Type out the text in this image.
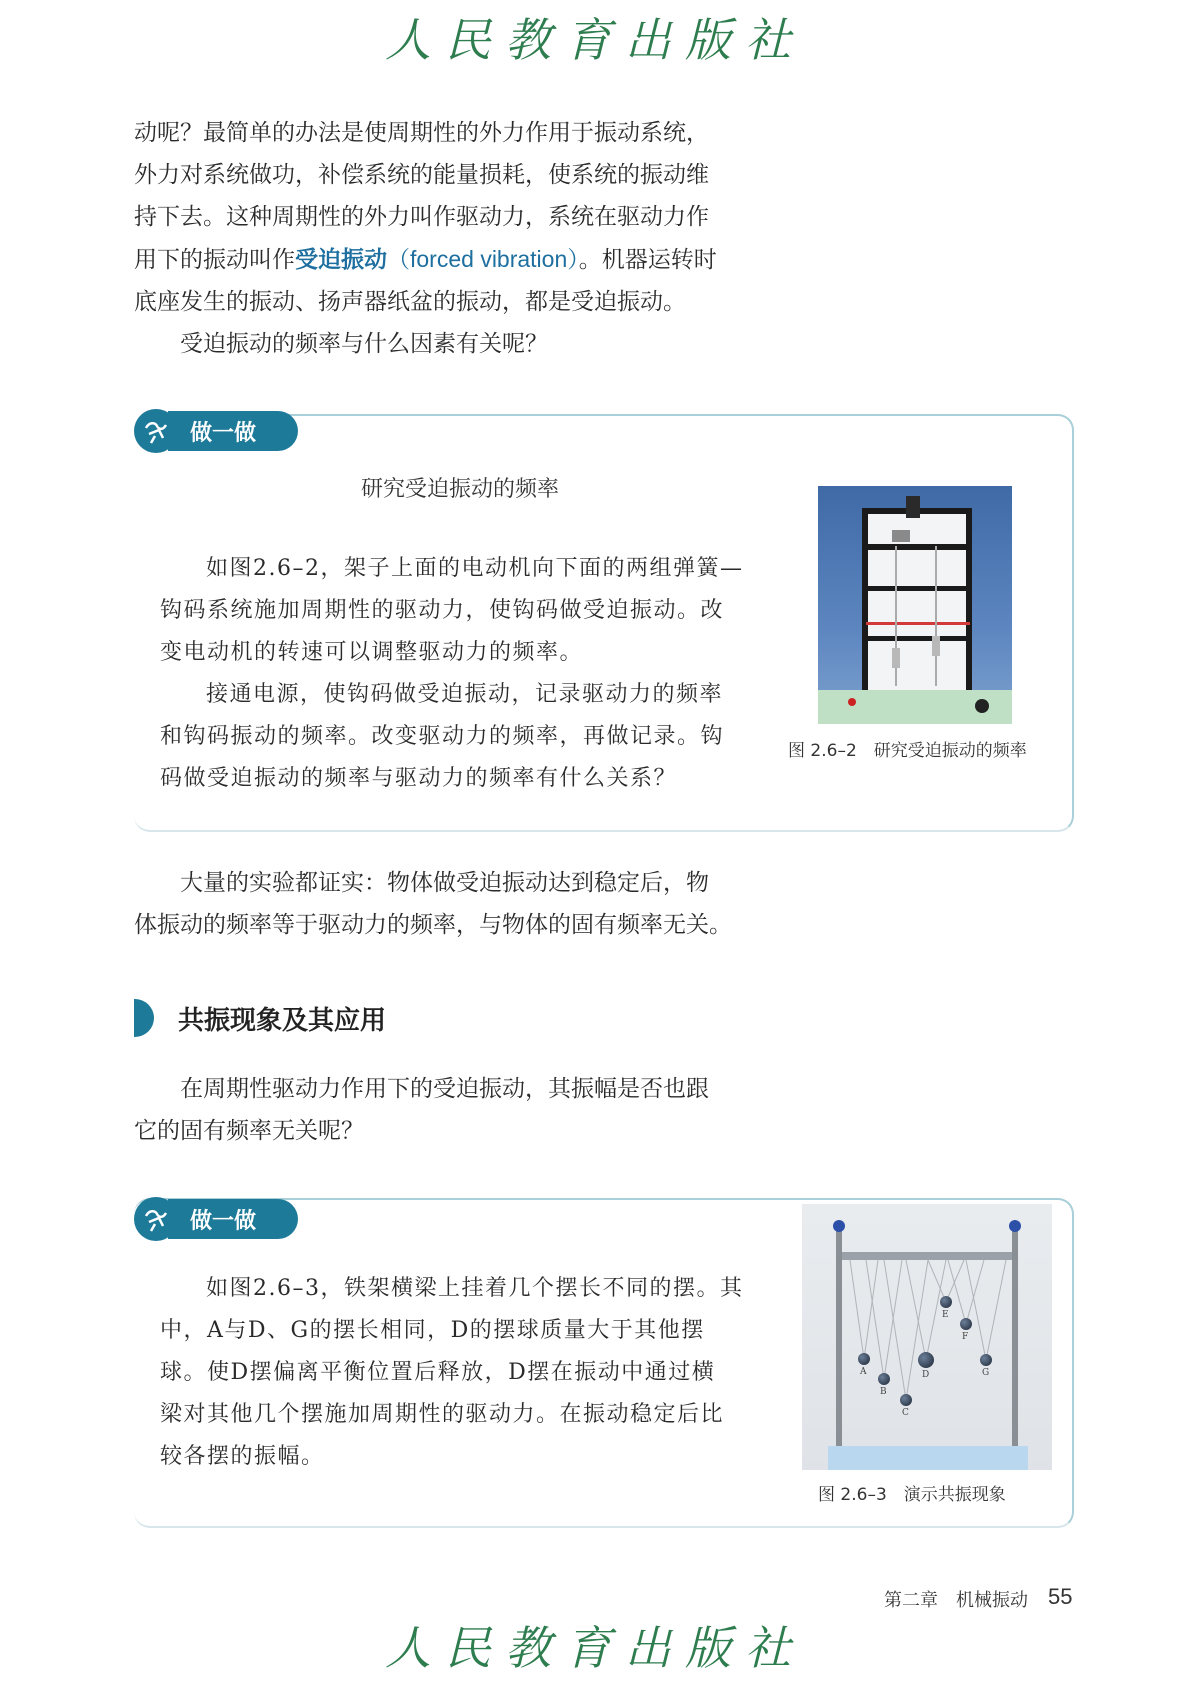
人民教育出版社

动呢？最简单的办法是使周期性的外力作用于振动系统，
外力对系统做功，补偿系统的能量损耗，使系统的振动维
持下去。这种周期性的外力叫作驱动力，系统在驱动力作
用下的振动叫作受迫振动（forced vibration）。机器运转时
底座发生的振动、扬声器纸盆的振动，都是受迫振动。
受迫振动的频率与什么因素有关呢？

做一做
研究受迫振动的频率

如图2.6–2，架子上面的电动机向下面的两组弹簧—
钩码系统施加周期性的驱动力，使钩码做受迫振动。改
变电动机的转速可以调整驱动力的频率。
接通电源，使钩码做受迫振动，记录驱动力的频率
和钩码振动的频率。改变驱动力的频率，再做记录。钩
码做受迫振动的频率与驱动力的频率有什么关系？

图 2.6–2　研究受迫振动的频率

大量的实验都证实：物体做受迫振动达到稳定后，物
体振动的频率等于驱动力的频率，与物体的固有频率无关。

共振现象及其应用

在周期性驱动力作用下的受迫振动，其振幅是否也跟
它的固有频率无关呢？

做一做

如图2.6–3，铁架横梁上挂着几个摆长不同的摆。其
中，A与D、G的摆长相同，D的摆球质量大于其他摆
球。使D摆偏离平衡位置后释放，D摆在振动中通过横
梁对其他几个摆施加周期性的驱动力。在振动稳定后比
较各摆的振幅。

A
B
C
D
E
F
G
图 2.6–3　演示共振现象
第二章　机械振动 55
人民教育出版社
